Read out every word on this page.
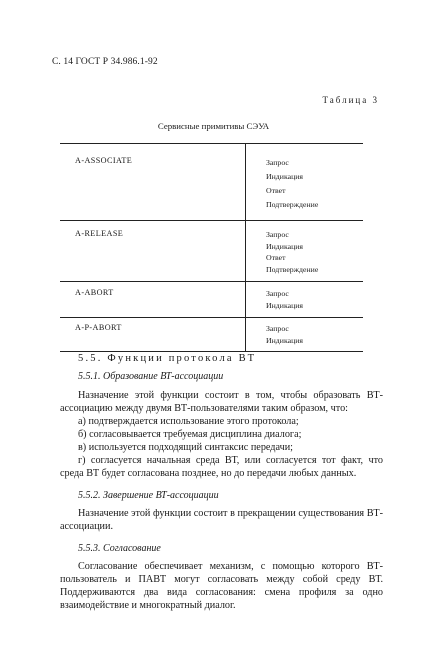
С. 14 ГОСТ Р 34.986.1-92
Таблица 3
Сервисные примитивы СЭУА
A-ASSOCIATE	Запрос
Индикация
Ответ
Подтверждение

A-RELEASE	Запрос
Индикация
Ответ
Подтверждение

A-ABORT	Запрос
Индикация

A-P-ABORT	Запрос
Индикация
5.5. Функции протокола ВТ
5.5.1. Образование ВТ-ассоциации
Назначение этой функции состоит в том, чтобы образовать ВТ-ассоциацию между двумя ВТ-пользователями таким образом, что:
а) подтверждается использование этого протокола;
б) согласовывается требуемая дисциплина диалога;
в) используется подходящий синтаксис передачи;
г) согласуется начальная среда ВТ, или согласуется тот факт, что среда ВТ будет согласована позднее, но до передачи любых данных.
5.5.2. Завершение ВТ-ассоциации
Назначение этой функции состоит в прекращении существования ВТ-ассоциации.
5.5.3. Согласование
Согласование обеспечивает механизм, с помощью которого ВТ-пользователь и ПАВТ могут согласовать между собой среду ВТ. Поддерживаются два вида согласования: смена профиля за одно взаимодействие и многократный диалог.
